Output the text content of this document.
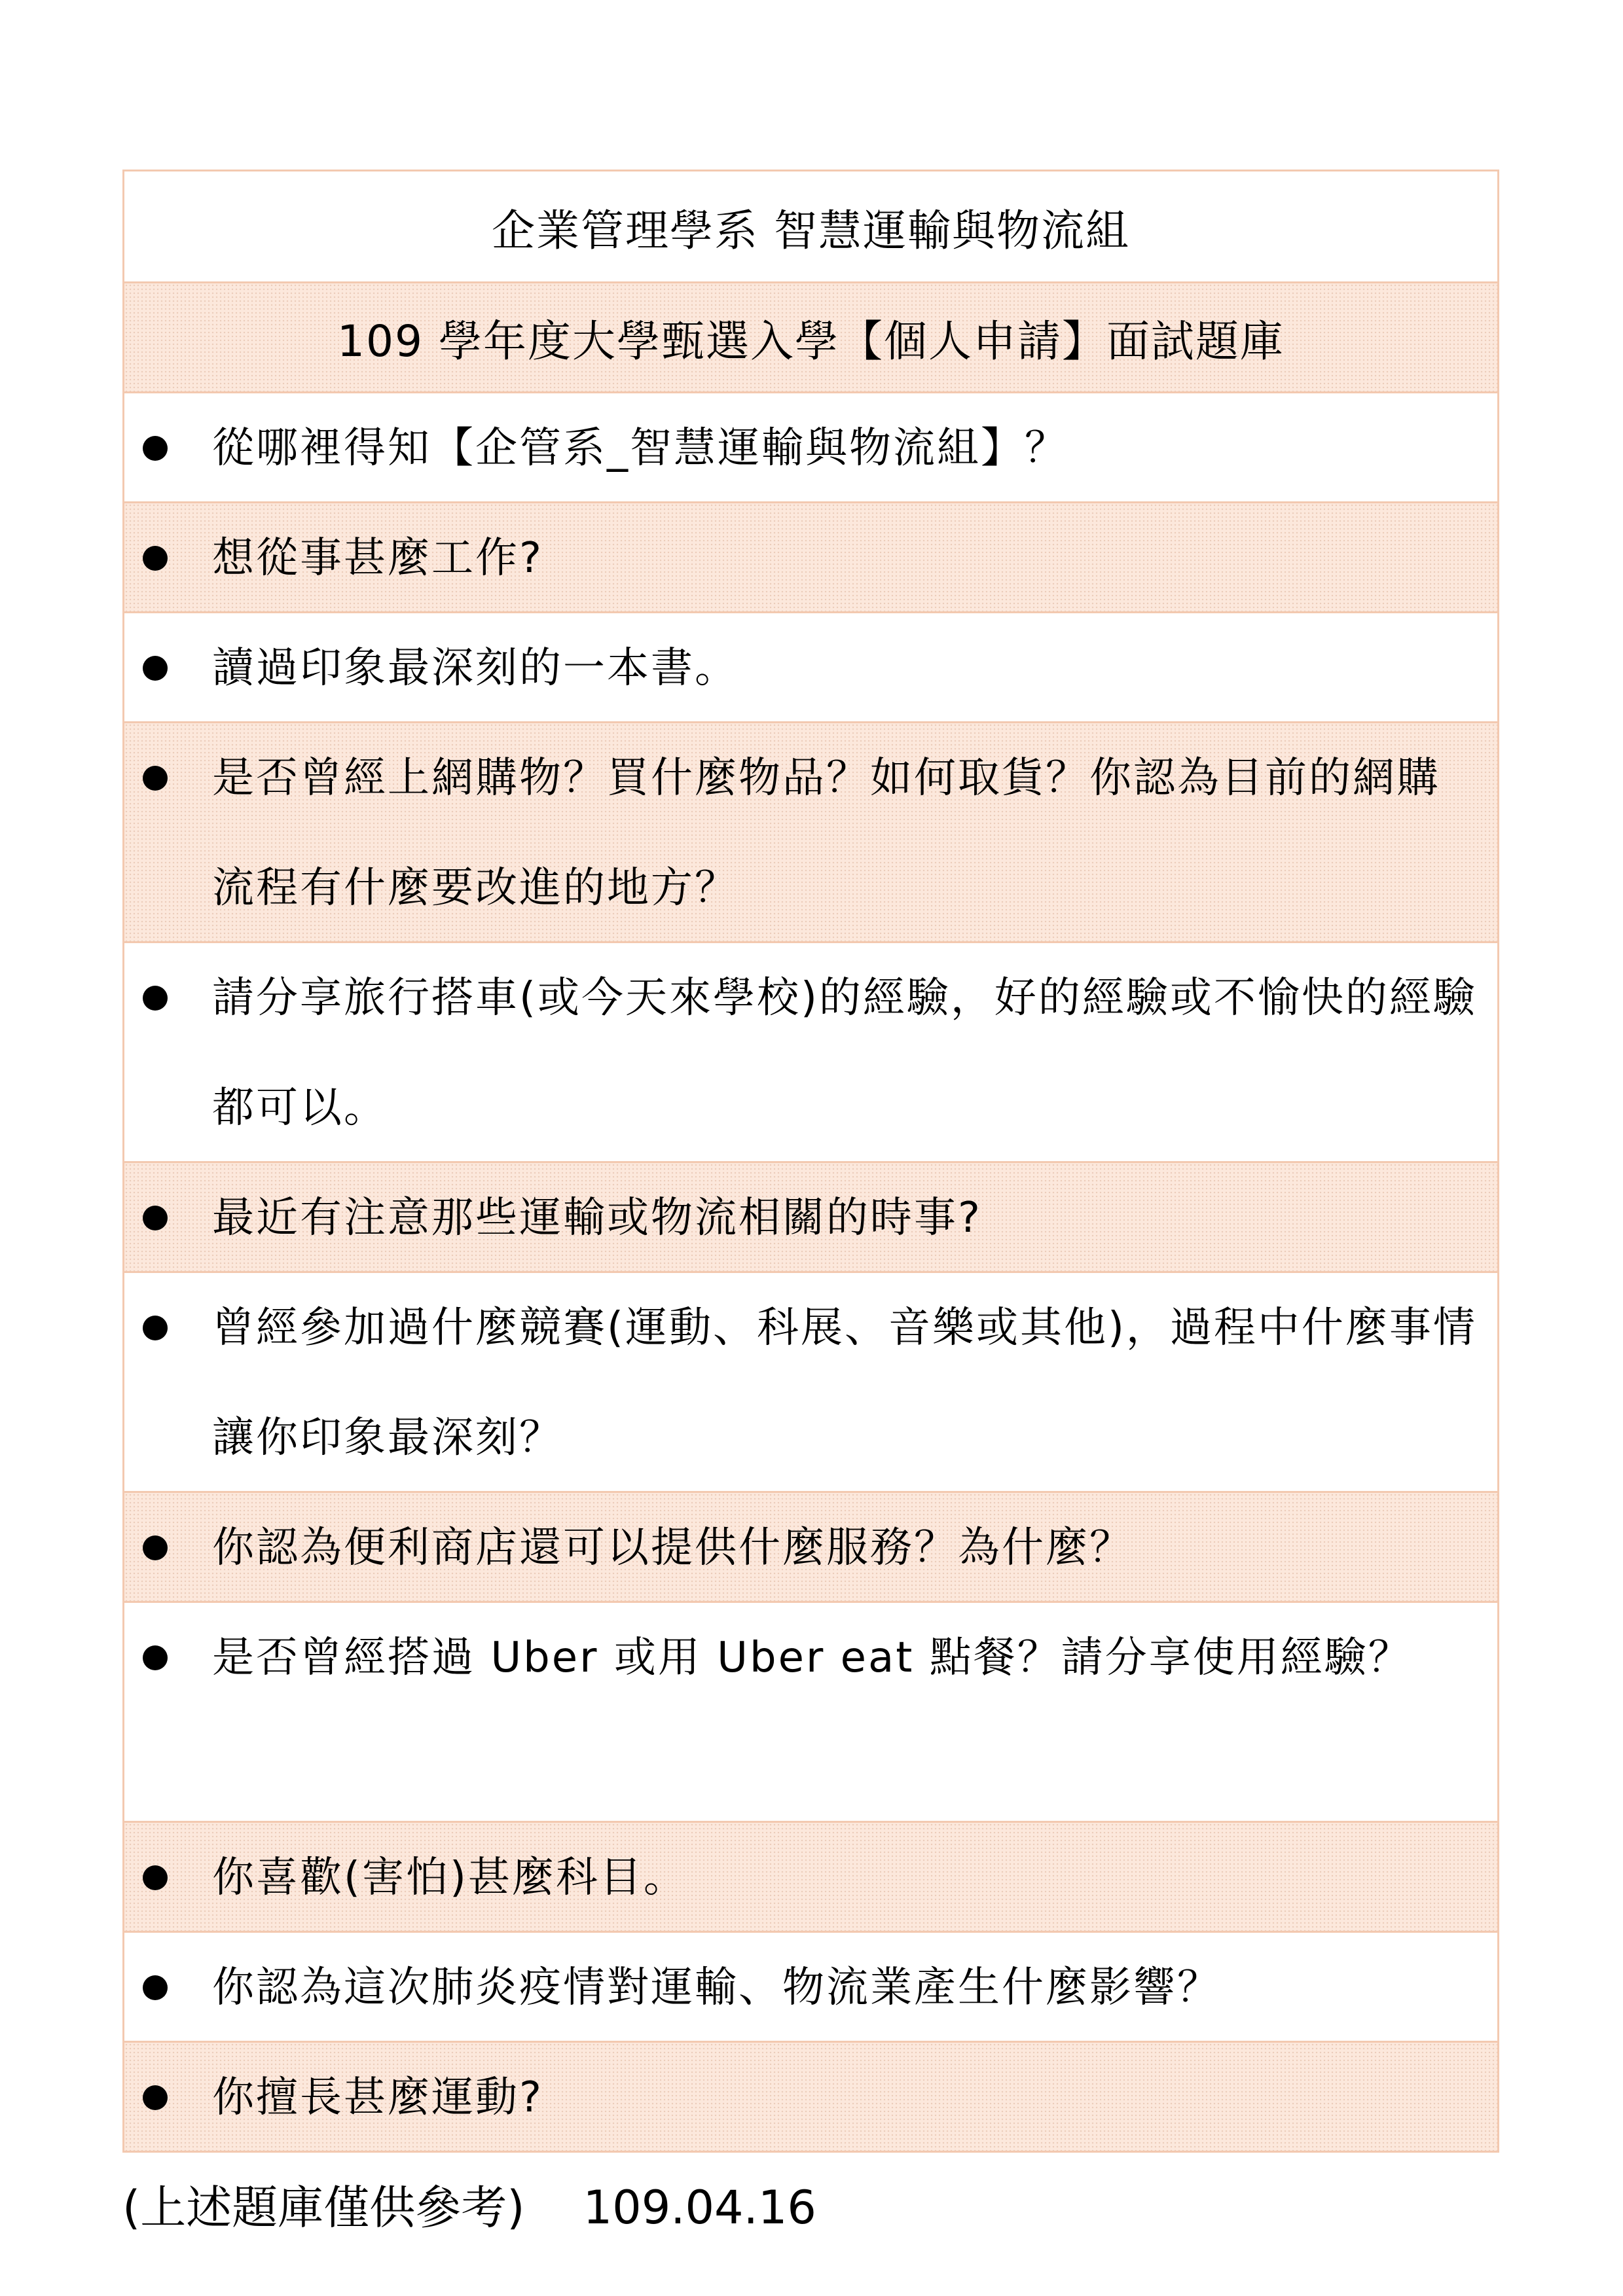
企業管理學系 智慧運輸與物流組
109 學年度大學甄選入學【個人申請】面試題庫
從哪裡得知【企管系_智慧運輸與物流組】？
想從事甚麼工作?
讀過印象最深刻的一本書。
是否曾經上網購物？買什麼物品？如何取貨？你認為目前的網購流程有什麼要改進的地方？
請分享旅行搭車(或今天來學校)的經驗，好的經驗或不愉快的經驗都可以。
最近有注意那些運輸或物流相關的時事?
曾經參加過什麼競賽(運動、科展、音樂或其他)，過程中什麼事情讓你印象最深刻？
你認為便利商店還可以提供什麼服務？為什麼？
是否曾經搭過 Uber 或用 Uber eat 點餐？請分享使用經驗？
你喜歡(害怕)甚麼科目。
你認為這次肺炎疫情對運輸、物流業產生什麼影響？
你擅長甚麼運動?
(上述題庫僅供參考) 109.04.16
